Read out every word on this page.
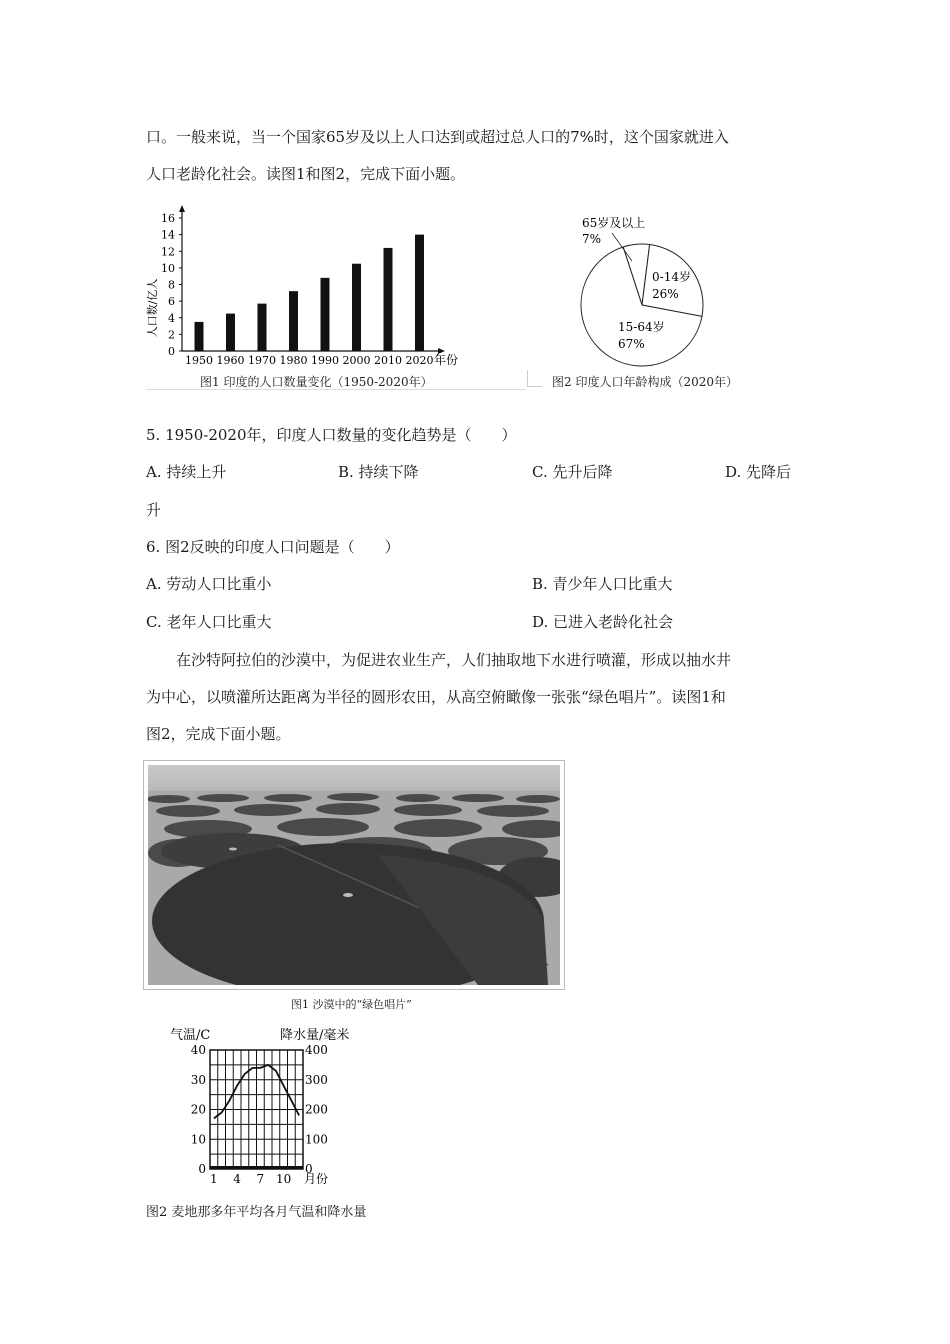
口。一般来说，当一个国家65岁及以上人口达到或超过总人口的7%时，这个国家就进入
人口老龄化社会。读图1和图2，完成下面小题。
人口数/亿人
0
2
4
6
8
10
12
14
16
1950 1960 1970 1980 1990 2000 2010 2020 年份
图1 印度的人口数量变化（1950-2020年）
65岁及以上
7%
0-14岁
26%
15-64岁
67%
图2 印度人口年龄构成（2020年）
5. 1950-2020年，印度人口数量的变化趋势是（　　）
A. 持续上升	B. 持续下降	C. 先升后降	D. 先降后
升
6. 图2反映的印度人口问题是（　　）
A. 劳动人口比重小	B. 青少年人口比重大
C. 老年人口比重大	D. 已进入老龄化社会
在沙特阿拉伯的沙漠中，为促进农业生产，人们抽取地下水进行喷灌，形成以抽水井
为中心，以喷灌所达距离为半径的圆形农田，从高空俯瞰像一张张“绿色唱片”。读图1和
图2，完成下面小题。
图1 沙漠中的“绿色唱片”
气温/C	降水量/毫米
0
10
20
30
40
0
100
200
300
400
1 4 7 10 月份
图2 麦地那多年平均各月气温和降水量
